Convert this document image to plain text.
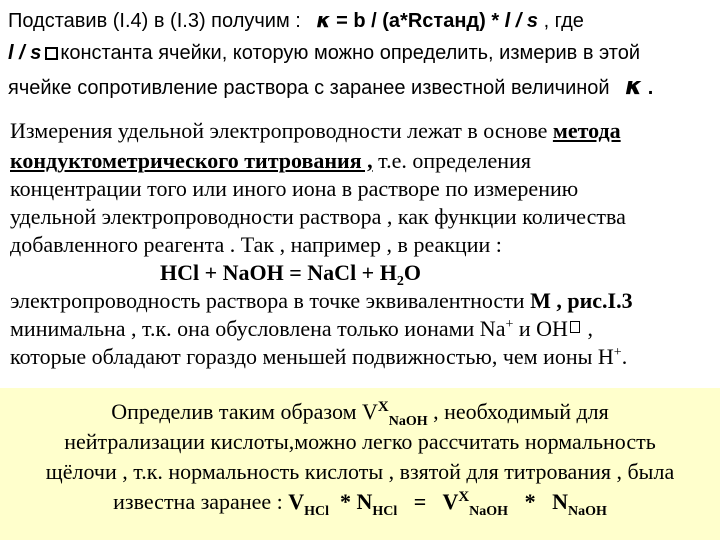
Подставив (I.4) в (I.3) получим : κ = b / (a*Rстанд) * l / s , где
l / s константа ячейки, которую можно определить, измерив в этой
ячейке сопротивление раствора с заранее известной величиной κ .
Измерения удельной электропроводности лежат в основе метода
кондуктометрического титрования , т.е. определения
концентрации того или иного иона в растворе по измерению
удельной электропроводности раствора , как функции количества
добавленного реагента . Так , например , в реакции :
HCl + NaOH = NaCl + $H_2O$
электропроводность раствора в точке эквивалентности М , рис.I.3
минимальна , т.к. она обусловлена только ионами Na+ и OH ,
которые обладают гораздо меньшей подвижностью, чем ионы H+.
Определив таким образом $V^X_{NaOH}$ , необходимый для
нейтрализации кислоты,можно легко рассчитать нормальность
щёлочи , т.к. нормальность кислоты , взятой для титрования , была
известна заранее : $V_{HCl} * N_{HCl} = V^X_{NaOH} * N_{NaOH}$
